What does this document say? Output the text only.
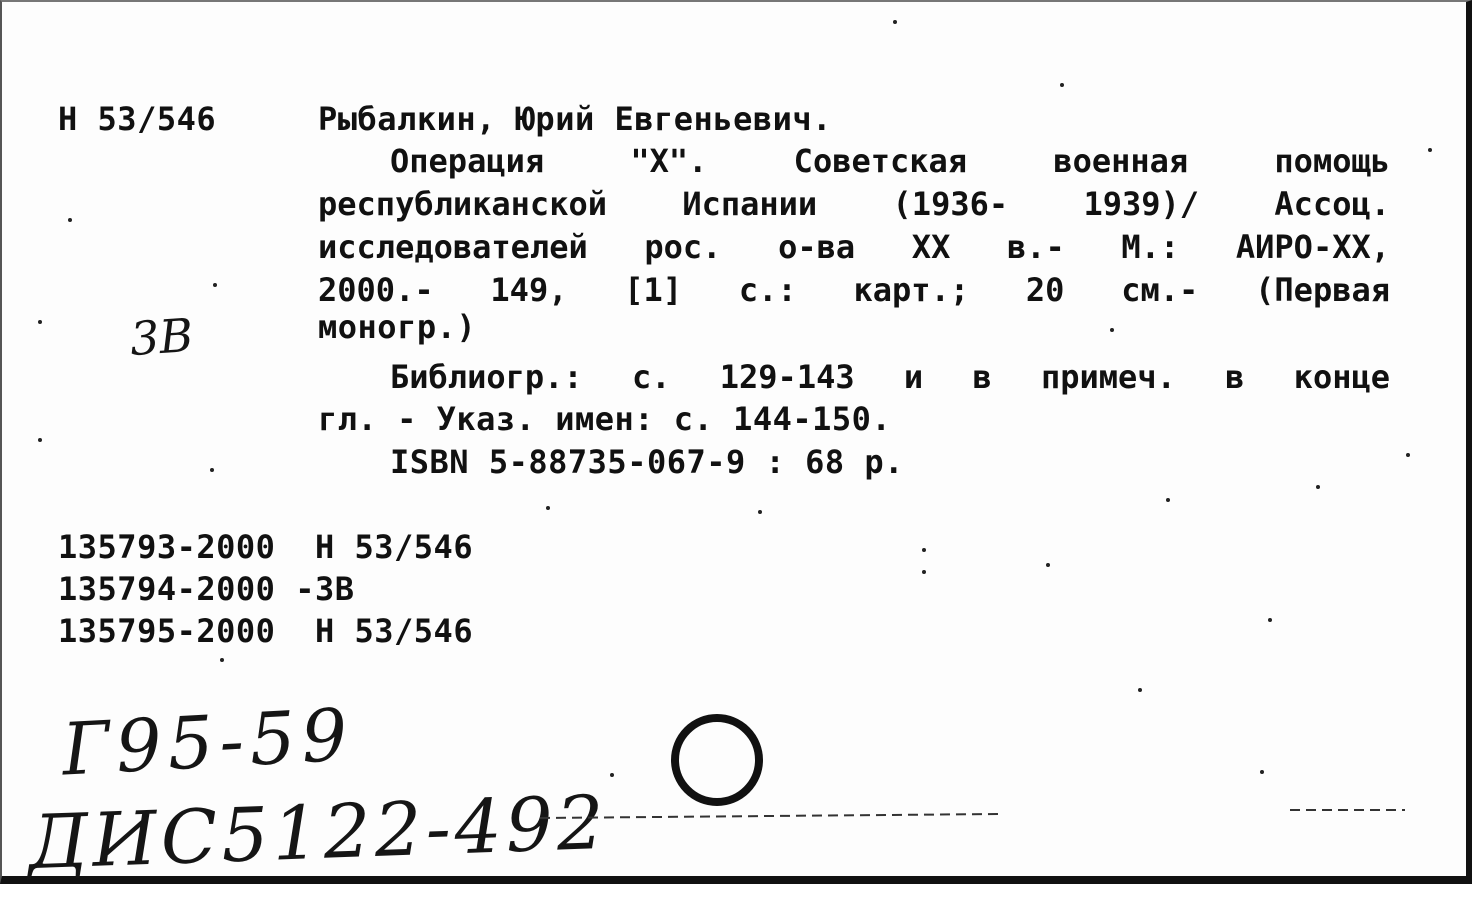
Н 53/546	Рыбалкин, Юрий Евгеньевич.
Операция "X". Советская военная помощь
республиканской Испании (1936- 1939)/ Ассоц.
исследователей рос. о-ва XX в.- М.: АИРО-ХХ,
2000.- 149, [1] с.: карт.; 20 см.- (Первая
моногр.)
Библиогр.: с. 129-143 и в примеч. в конце
гл. - Указ. имен: с. 144-150.
ISBN 5-88735-067-9 : 68 р.
135793-2000 Н 53/546
135794-2000 -3В
135795-2000 Н 53/546
3В
Г95-59
ДИС5122-492
